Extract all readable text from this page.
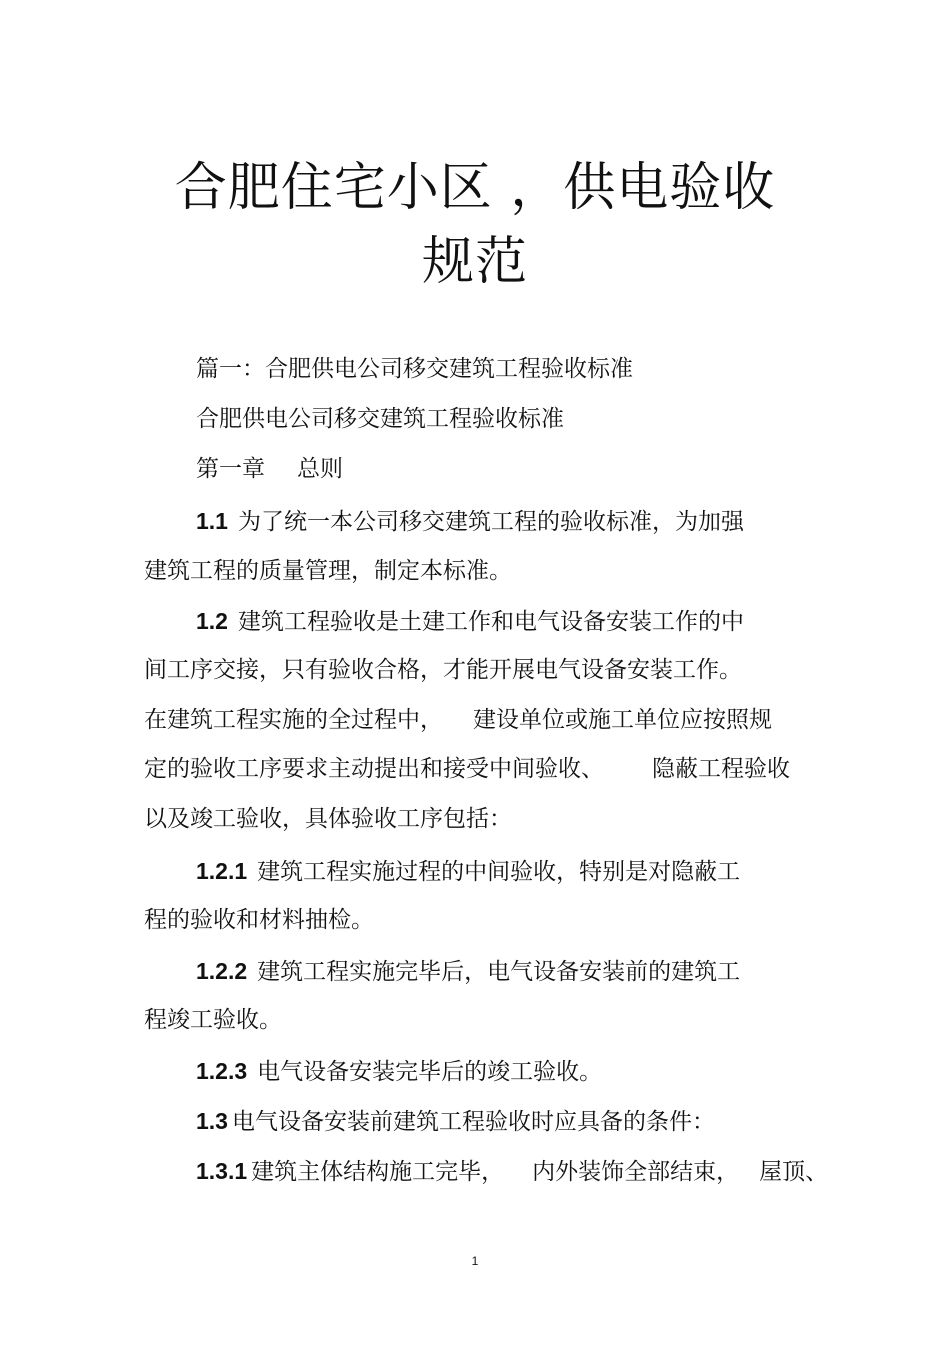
合肥住宅小区 ，供电验收
规范

篇一：合肥供电公司移交建筑工程验收标准

合肥供电公司移交建筑工程验收标准

第一章 总则

1.1 为了统一本公司移交建筑工程的验收标准，为加强

建筑工程的质量管理，制定本标准。

1.2 建筑工程验收是土建工作和电气设备安装工作的中

间工序交接，只有验收合格，才能开展电气设备安装工作。

在建筑工程实施的全过程中， 建设单位或施工单位应按照规

定的验收工序要求主动提出和接受中间验收、 隐蔽工程验收

以及竣工验收，具体验收工序包括：

1.2.1 建筑工程实施过程的中间验收，特别是对隐蔽工

程的验收和材料抽检。

1.2.2 建筑工程实施完毕后，电气设备安装前的建筑工

程竣工验收。

1.2.3 电气设备安装完毕后的竣工验收。

1.3 电气设备安装前建筑工程验收时应具备的条件：

1.3.1 建筑主体结构施工完毕， 内外装饰全部结束， 屋顶、

1
